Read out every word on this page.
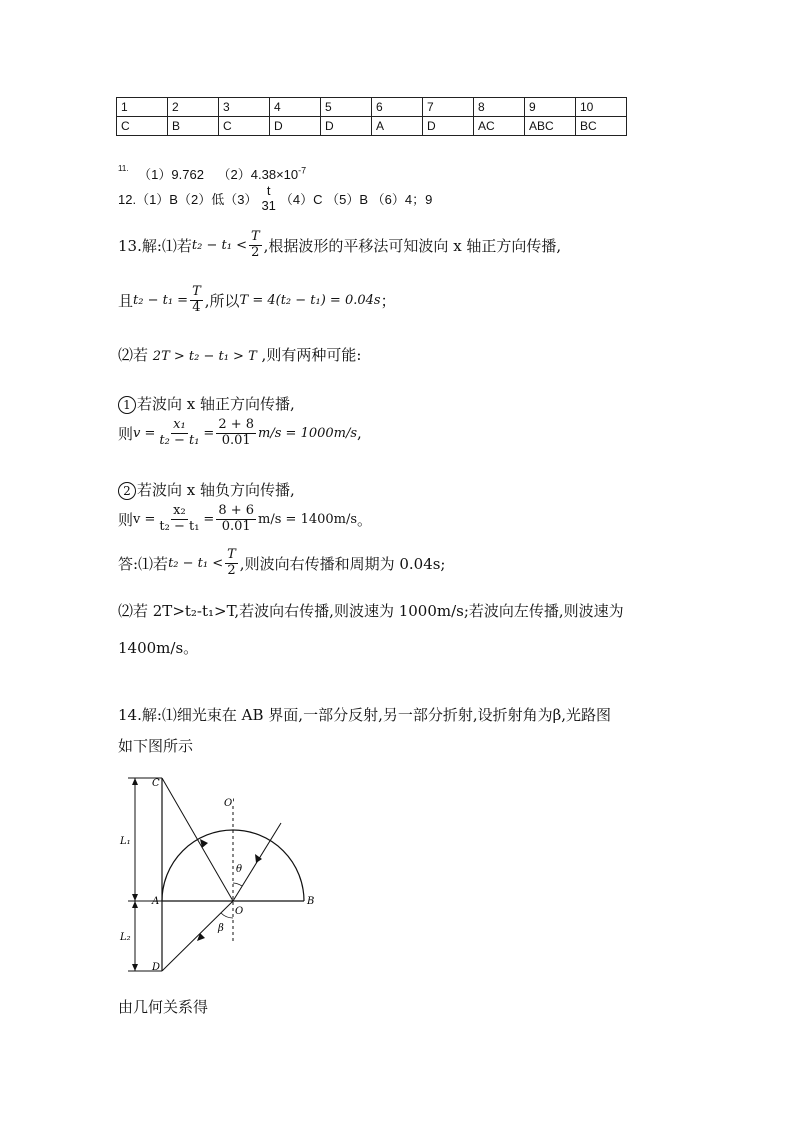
1	2	3	4	5	6	7	8	9	10
C	B	C	D	D	A	D	AC	ABC	BC
$^{11.}$ （1）9.762 $(2)4.38\times 10^{-7}$
12.（1）B（2）低（3）
t
31 （4）C （5）B （6）4；9
13.解:⑴若 $t_2 - t_1 < \frac{T}{2}$ ,根据波形的平移法可知波向 x 轴正方向传播,
且 $t_2 - t_1 = \frac{T}{4}$ ,所以 T = 4(t₂ − t₁) = 0.04s ；
⑵若 2T > t₂ − t₁ > T ,则有两种可能:
1 若波向 x 轴正方向传播,
则 $v = \frac{\text{x₁}}{\text{t₂ − t₁}} = \frac{2 + 8}{0.01} m/s = 1000m/s$ ,
2 若波向 x 轴负方向传播,
则 $v = \frac{\text{x₂}}{\text{t₂ − t₁}} = \frac{8 + 6}{0.01} m/s = 1400m/s$ 。
答:⑴若 $t_2 - t_1 < \frac{T}{2}$ ,则波向右传播和周期为 0.04s;
⑵若 2T>t₂-t₁>T,若波向右传播,则波速为 1000m/s;若波向左传播,则波速为
1400m/s。
14.解:⑴细光束在 AB 界面,一部分反射,另一部分折射,设折射角为β,光路图
如下图所示
C
O'
L₁
θ
A
O
B
β
L₂
D
由几何关系得
